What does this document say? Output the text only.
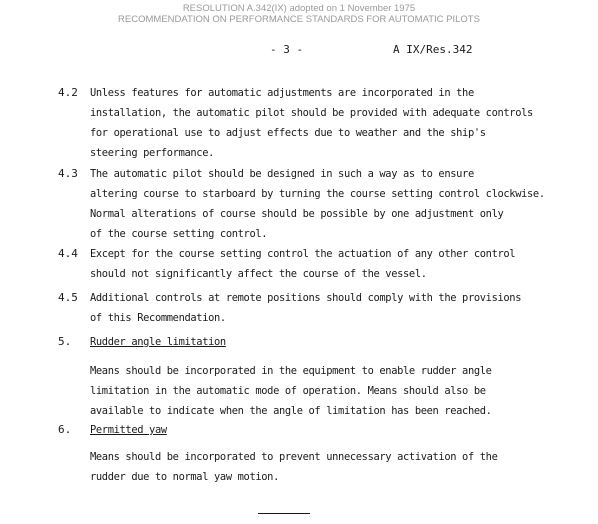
RESOLUTION A.342(IX) adopted on 1 November 1975
RECOMMENDATION ON PERFORMANCE STANDARDS FOR AUTOMATIC PILOTS
- 3 -	A IX/Res.342
4.2 Unless features for automatic adjustments are incorporated in the
installation, the automatic pilot should be provided with adequate controls
for operational use to adjust effects due to weather and the ship's
steering performance.
4.3 The automatic pilot should be designed in such a way as to ensure
altering course to starboard by turning the course setting control clockwise.
Normal alterations of course should be possible by one adjustment only
of the course setting control.
4.4 Except for the course setting control the actuation of any other control
should not significantly affect the course of the vessel.
4.5 Additional controls at remote positions should comply with the provisions
of this Recommendation.
5. Rudder angle limitation
Means should be incorporated in the equipment to enable rudder angle
limitation in the automatic mode of operation. Means should also be
available to indicate when the angle of limitation has been reached.
6. Permitted yaw
Means should be incorporated to prevent unnecessary activation of the
rudder due to normal yaw motion.
